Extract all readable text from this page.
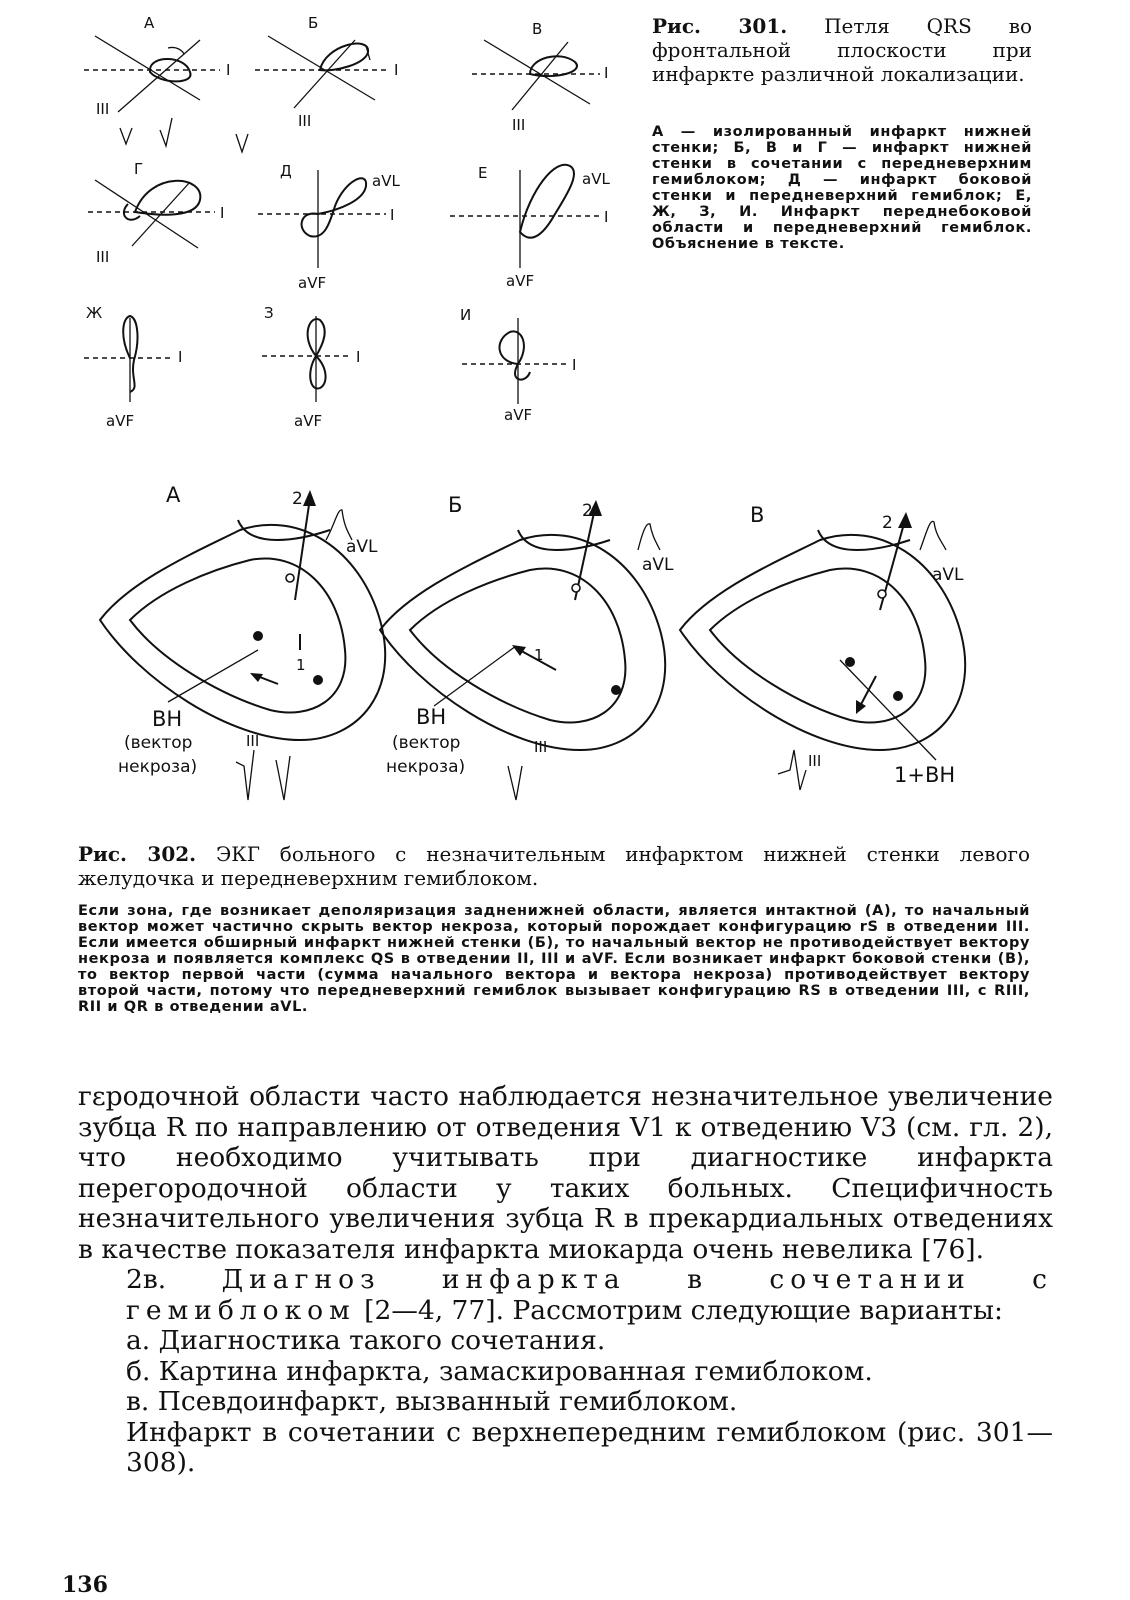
А
I
III
Б
I
III
В
I
III
Г
I
III
Д
aVL
I
aVF
Е	aVL
I
aVF
Ж
I
aVF
З
I
aVF
И
I
aVF
Рис. 301. Петля QRS во фронтальной плоскости при инфаркте различной локализации.
А — изолированный инфаркт нижней стенки; Б, В и Г — инфаркт нижней стенки в сочетании с передневерхним гемиблоком; Д — инфаркт боковой стенки и передневерхний гемиблок; Е, Ж, З, И. Инфаркт переднебоковой области и передневерхний гемиблок. Объяснение в тексте.
А	2
1
aVL
ВН
(вектор
некроза)
III
Б	2
1
aVL
ВН
(вектор
некроза)
III
В	2
aVL
III
1+ВН
Рис. 302. ЭКГ больного с незначительным инфарктом нижней стенки левого желудочка и передневерхним гемиблоком.
Если зона, где возникает деполяризация задненижней области, является интактной (А), то начальный вектор может частично скрыть вектор некроза, который порождает конфигурацию rS в отведении III. Если имеется обширный инфаркт нижней стенки (Б), то начальный вектор не противодействует вектору некроза и появляется комплекс QS в отведении II, III и aVF. Если возникает инфаркт боковой стенки (В), то вектор первой части (сумма начального вектора и вектора некроза) противодействует вектору второй части, потому что передневерхний гемиблок вызывает конфигурацию RS в отведении III, с RIII, RII и QR в отведении aVL.

гεродочной области часто наблюдается незначительное увеличение зубца R по направлению от отведения V1 к отведению V3 (см. гл. 2), что необходимо учитывать при диагностике инфаркта перегородочной области у таких больных. Специфичность незначительного увеличения зубца R в прекардиальных отведениях в качестве показателя инфаркта миокарда очень невелика [76].

2в. Диагноз инфаркта в сочетании с гемиблоком [2—4, 77]. Рассмотрим следующие варианты:

а. Диагностика такого сочетания.

б. Картина инфаркта, замаскированная гемиблоком.

в. Псевдоинфаркт, вызванный гемиблоком.

Инфаркт в сочетании с верхнепередним гемиблоком (рис. 301—308).

136
